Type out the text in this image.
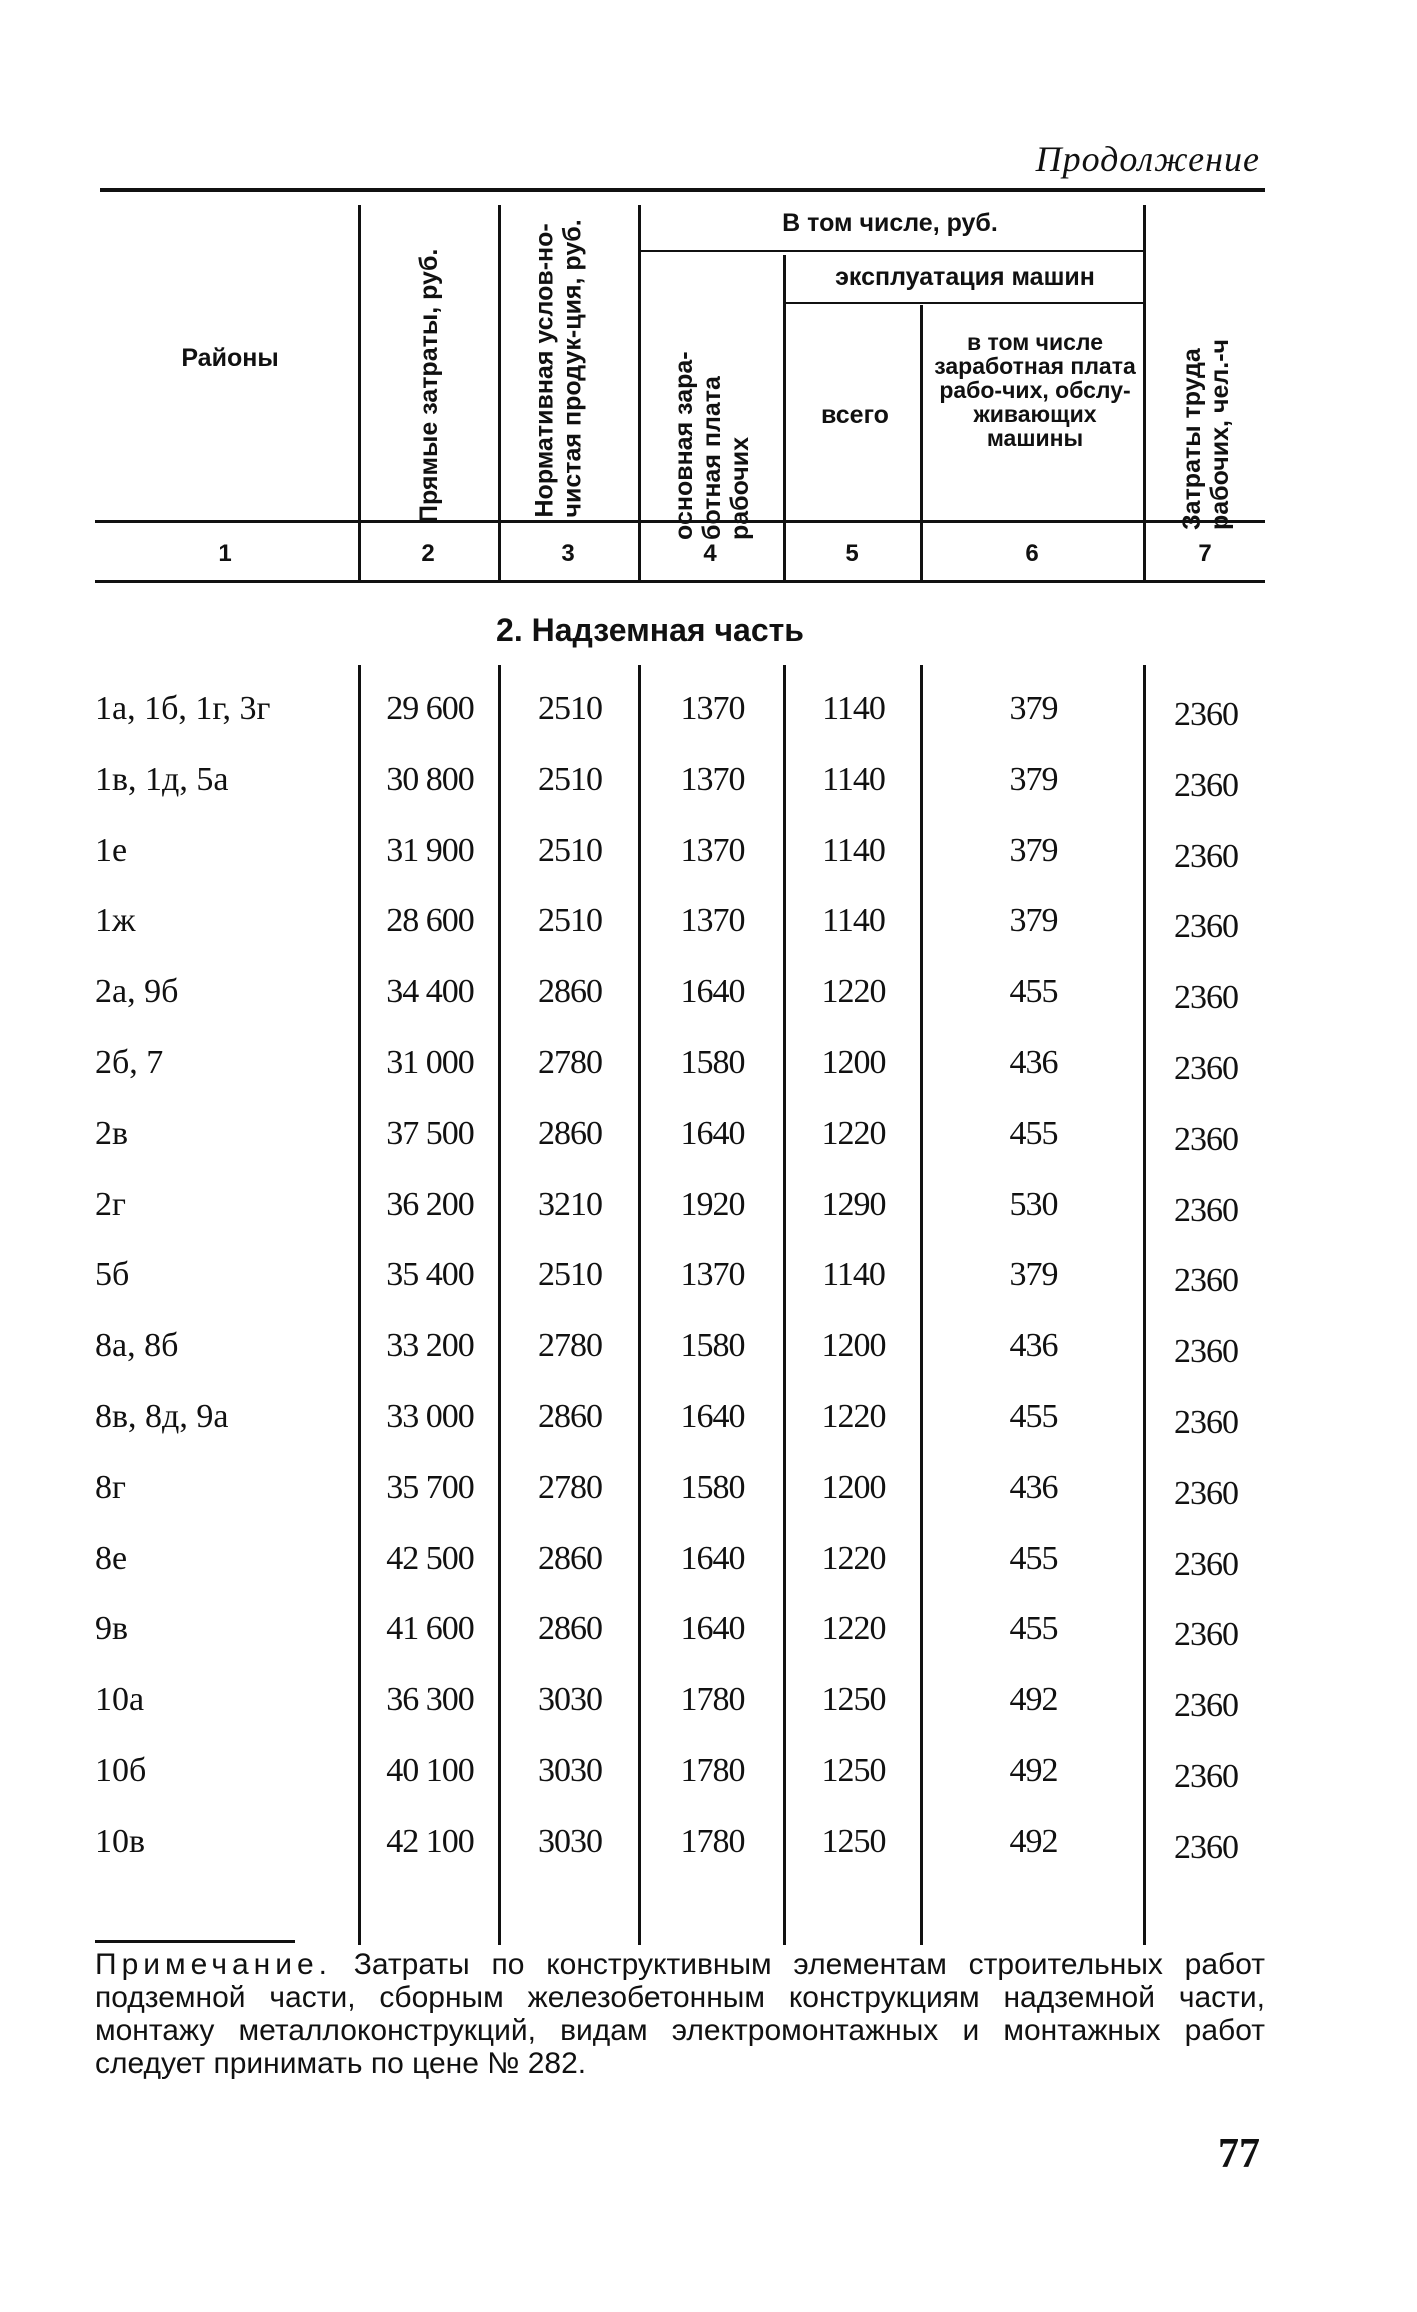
Продолжение
Районы	Прямые затраты, руб.	Нормативная услов-но-чистая продук-ция, руб.	В том числе, руб.
основная зара-ботная плата рабочих
эксплуатация машин
всего
в том числе заработная плата рабо-чих, обслу-живающих машины	Затраты труда рабочих, чел.-ч
1	2	3	4	5	6	7
2. Надземная часть
1а, 1б, 1г, 3г	29 600	2510	1370	1140	379	2360
1в, 1д, 5а	30 800	2510	1370	1140	379	2360
1е	31 900	2510	1370	1140	379	2360
1ж	28 600	2510	1370	1140	379	2360
2а, 9б	34 400	2860	1640	1220	455	2360
2б, 7	31 000	2780	1580	1200	436	2360
2в	37 500	2860	1640	1220	455	2360
2г	36 200	3210	1920	1290	530	2360
5б	35 400	2510	1370	1140	379	2360
8а, 8б	33 200	2780	1580	1200	436	2360
8в, 8д, 9а	33 000	2860	1640	1220	455	2360
8г	35 700	2780	1580	1200	436	2360
8е	42 500	2860	1640	1220	455	2360
9в	41 600	2860	1640	1220	455	2360
10а	36 300	3030	1780	1250	492	2360
10б	40 100	3030	1780	1250	492	2360
10в	42 100	3030	1780	1250	492	2360
Примечание. Затраты по конструктивным элементам строительных работ подземной части, сборным железобетонным конструкциям надземной части, монтажу металлоконструкций, видам электромонтажных и монтажных работ следует принимать по цене № 282.
77
